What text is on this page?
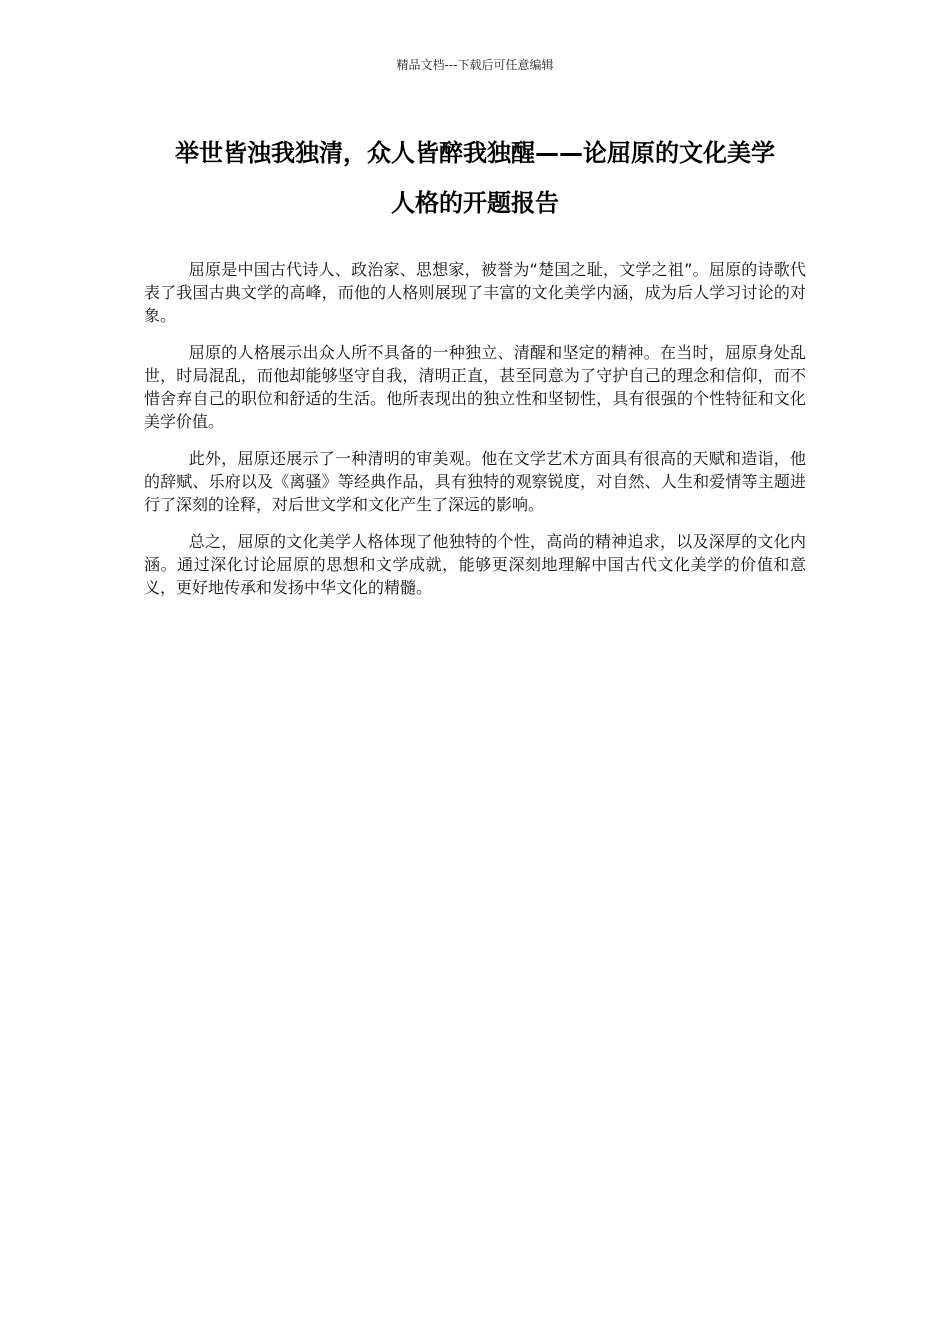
精品文档---下载后可任意编辑
举世皆浊我独清，众人皆醉我独醒——论屈原的文化美学
人格的开题报告

屈原是中国古代诗人、政治家、思想家，被誉为“楚国之耻，文学之祖”。屈原的诗歌代表了我国古典文学的高峰，而他的人格则展现了丰富的文化美学内涵，成为后人学习讨论的对象。

屈原的人格展示出众人所不具备的一种独立、清醒和坚定的精神。在当时，屈原身处乱世，时局混乱，而他却能够坚守自我，清明正直，甚至同意为了守护自己的理念和信仰，而不惜舍弃自己的职位和舒适的生活。他所表现出的独立性和坚韧性，具有很强的个性特征和文化美学价值。

此外，屈原还展示了一种清明的审美观。他在文学艺术方面具有很高的天赋和造诣，他的辞赋、乐府以及《离骚》等经典作品，具有独特的观察锐度，对自然、人生和爱情等主题进行了深刻的诠释，对后世文学和文化产生了深远的影响。

总之，屈原的文化美学人格体现了他独特的个性，高尚的精神追求，以及深厚的文化内涵。通过深化讨论屈原的思想和文学成就，能够更深刻地理解中国古代文化美学的价值和意义，更好地传承和发扬中华文化的精髓。
